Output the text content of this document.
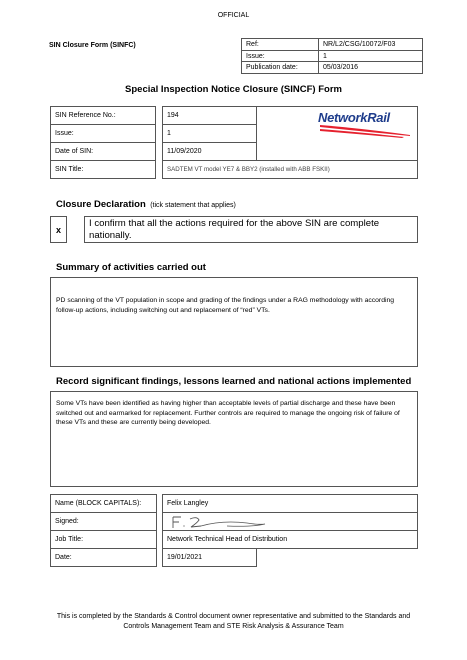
OFFICIAL
SIN Closure Form (SINFC)	Ref:	NR/L2/CSG/10072/F03
Issue:	1
Publication date:	05/03/2016
Special Inspection Notice Closure (SINCF) Form
SIN Reference No.:	194
Issue:	1
Date of SIN:	11/09/2020
SIN Title:	SADTEM VT model YE7 & BBY2 (installed with ABB FSKII)
NetworkRail
Closure Declaration (tick statement that applies)
x
I confirm that all the actions required for the above SIN are complete nationally.
Summary of activities carried out
PD scanning of the VT population in scope and grading of the findings under a RAG methodology with according follow-up actions, including switching out and replacement of “red” VTs.
Record significant findings, lessons learned and national actions implemented
Some VTs have been identified as having higher than acceptable levels of partial discharge and these have been switched out and earmarked for replacement. Further controls are required to manage the ongoing risk of failure of these VTs and these are currently being developed.
Name (BLOCK CAPITALS):	Felix Langley
Signed:
Job Title:	Network Technical Head of Distribution
Date:	19/01/2021
This is completed by the Standards & Control document owner representative and submitted to the Standards and Controls Management Team and STE Risk Analysis & Assurance Team
